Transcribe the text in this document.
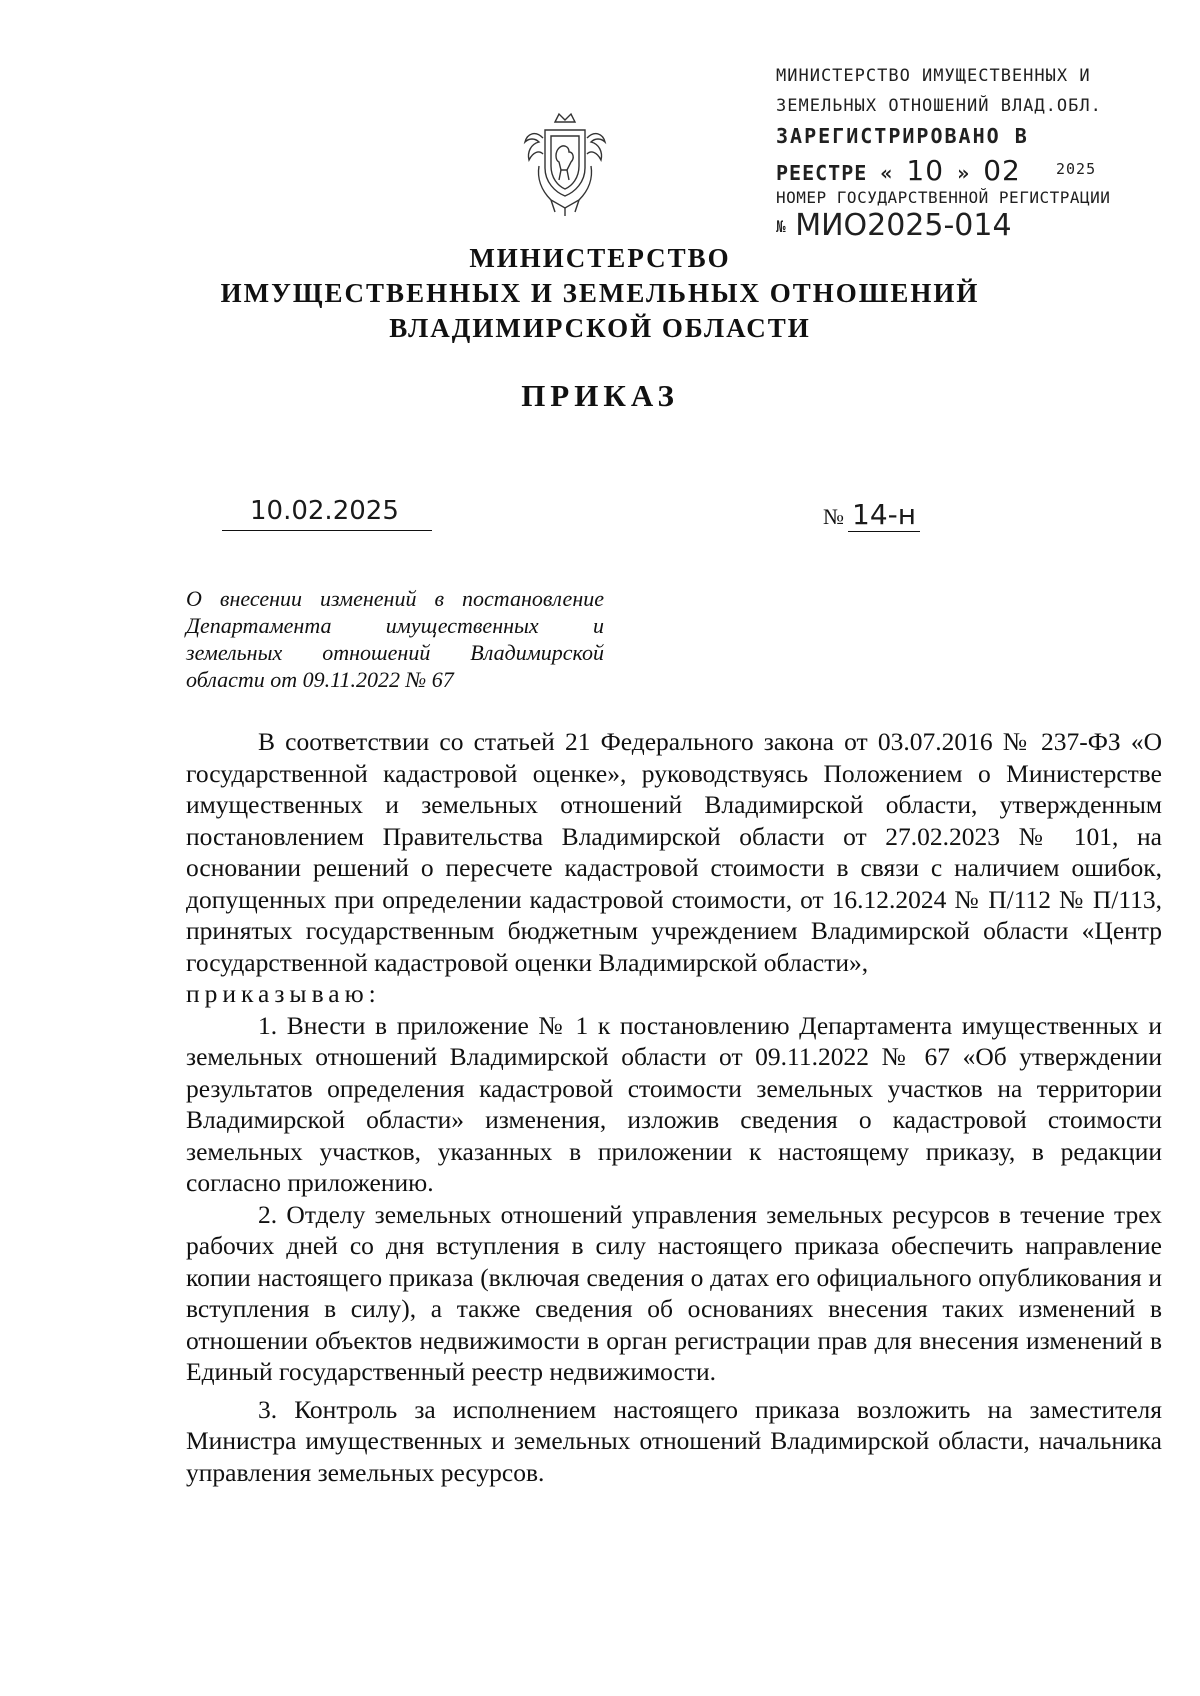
МИНИСТЕРСТВО ИМУЩЕСТВЕННЫХ И
ЗЕМЕЛЬНЫХ ОТНОШЕНИЙ ВЛАД.ОБЛ.
ЗАРЕГИСТРИРОВАНО В
РЕЕСТРЕ « 10 » 02 2025
НОМЕР ГОСУДАРСТВЕННОЙ РЕГИСТРАЦИИ
№ МИО2025-014
МИНИСТЕРСТВО
ИМУЩЕСТВЕННЫХ И ЗЕМЕЛЬНЫХ ОТНОШЕНИЙ
ВЛАДИМИРСКОЙ ОБЛАСТИ
ПРИКАЗ
10.02.2025	№ 14-н
О внесении изменений в постановление Департамента имущественных и земельных отношений Владимирской области от 09.11.2022 № 67

В соответствии со статьей 21 Федерального закона от 03.07.2016 № 237-ФЗ «О государственной кадастровой оценке», руководствуясь Положением о Министерстве имущественных и земельных отношений Владимирской области, утвержденным постановлением Правительства Владимирской области от 27.02.2023 № 101, на основании решений о пересчете кадастровой стоимости в связи с наличием ошибок, допущенных при определении кадастровой стоимости, от 16.12.2024 № П/112 № П/113, принятых государственным бюджетным учреждением Владимирской области «Центр государственной кадастровой оценки Владимирской области»,

приказываю:

1. Внести в приложение № 1 к постановлению Департамента имущественных и земельных отношений Владимирской области от 09.11.2022 № 67 «Об утверждении результатов определения кадастровой стоимости земельных участков на территории Владимирской области» изменения, изложив сведения о кадастровой стоимости земельных участков, указанных в приложении к настоящему приказу, в редакции согласно приложению.

2. Отделу земельных отношений управления земельных ресурсов в течение трех рабочих дней со дня вступления в силу настоящего приказа обеспечить направление копии настоящего приказа (включая сведения о датах его официального опубликования и вступления в силу), а также сведения об основаниях внесения таких изменений в отношении объектов недвижимости в орган регистрации прав для внесения изменений в Единый государственный реестр недвижимости.

3. Контроль за исполнением настоящего приказа возложить на заместителя Министра имущественных и земельных отношений Владимирской области, начальника управления земельных ресурсов.
